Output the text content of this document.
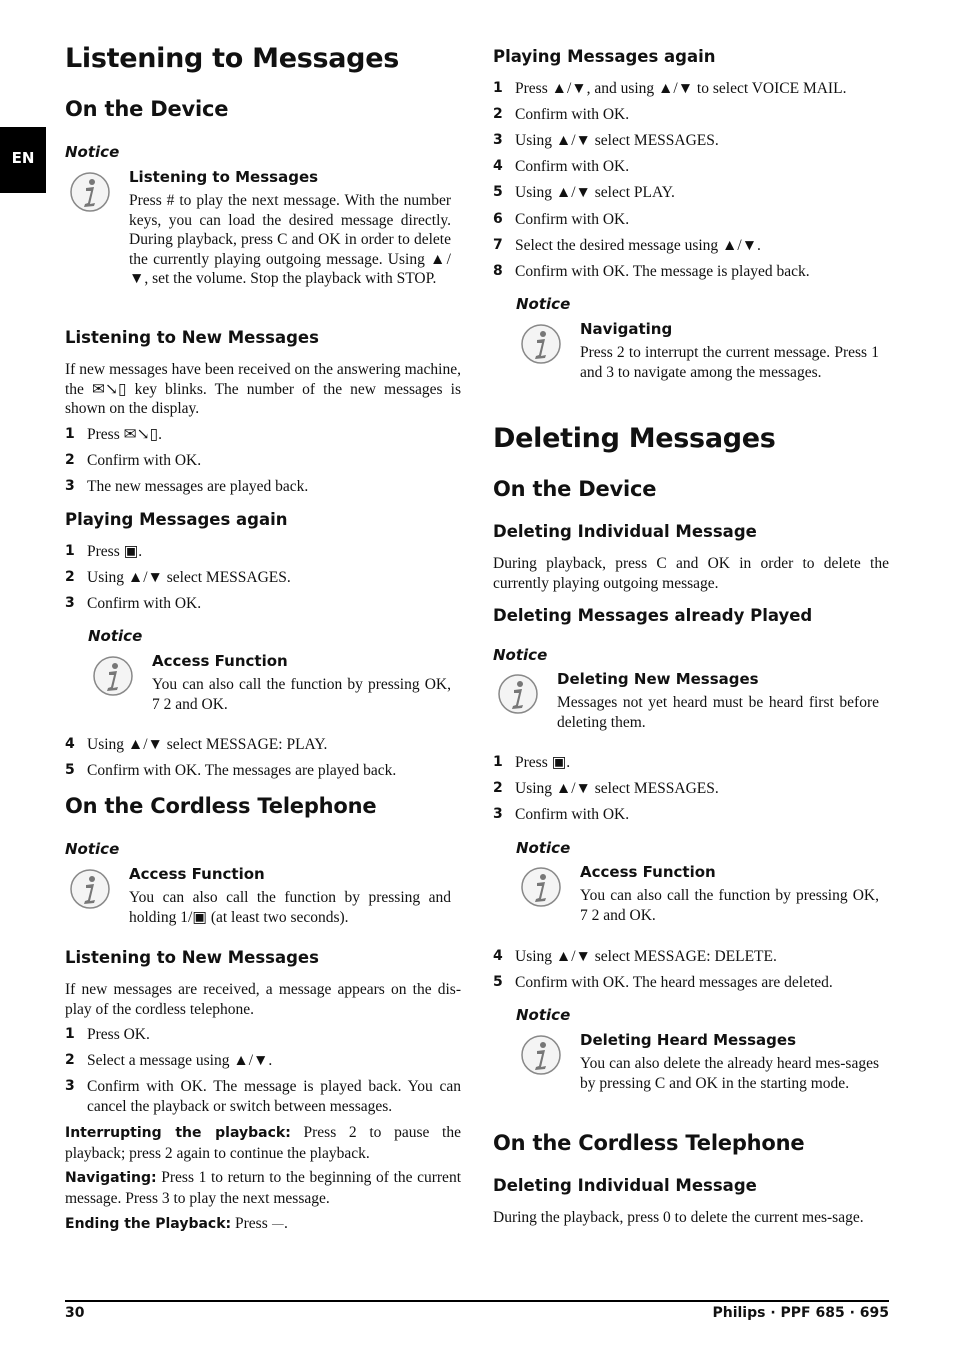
EN
Listening to Messages
On the Device
Notice
Listening to Messages

Press # to play the next message. With the number keys, you can load the desired message directly. During playback, press C and OK in order to delete the currently playing outgoing message. Using ▲/▼, set the volume. Stop the playback with STOP.

Listening to New Messages

If new messages have been received on the answering machine, the ✉↘▯ key blinks. The number of the new messages is shown on the display.

1 Press ✉↘▯.
2 Confirm with OK.
3 The new messages are played back.
Playing Messages again
1 Press ▣.
2 Using ▲/▼ select MESSAGES.
3 Confirm with OK.
Notice
Access Function

You can also call the function by pressing OK, 7 2 and OK.

4 Using ▲/▼ select MESSAGE: PLAY.
5 Confirm with OK. The messages are played back.
On the Cordless Telephone
Notice
Access Function

You can also call the function by pressing and holding 1/▣ (at least two seconds).

Listening to New Messages

If new messages are received, a message appears on the dis-play of the cordless telephone.

1 Press OK.
2 Select a message using ▲/▼.
3 Confirm with OK. The message is played back. You can cancel the playback or switch between messages.

Interrupting the playback: Press 2 to pause the playback; press 2 again to continue the playback.

Navigating: Press 1 to return to the beginning of the current message. Press 3 to play the next message.

Ending the Playback: Press ⏤.

Playing Messages again
1 Press ▲/▼, and using ▲/▼ to select VOICE MAIL.
2 Confirm with OK.
3 Using ▲/▼ select MESSAGES.
4 Confirm with OK.
5 Using ▲/▼ select PLAY.
6 Confirm with OK.
7 Select the desired message using ▲/▼.
8 Confirm with OK. The message is played back.
Notice
Navigating

Press 2 to interrupt the current message. Press 1 and 3 to navigate among the messages.

Deleting Messages
On the Device
Deleting Individual Message

During playback, press C and OK in order to delete the currently playing outgoing message.

Deleting Messages already Played
Notice
Deleting New Messages

Messages not yet heard must be heard first before deleting them.

1 Press ▣.
2 Using ▲/▼ select MESSAGES.
3 Confirm with OK.
Notice
Access Function

You can also call the function by pressing OK, 7 2 and OK.

4 Using ▲/▼ select MESSAGE: DELETE.
5 Confirm with OK. The heard messages are deleted.
Notice
Deleting Heard Messages

You can also delete the already heard mes-sages by pressing C and OK in the starting mode.

On the Cordless Telephone
Deleting Individual Message

During the playback, press 0 to delete the current mes-sage.

30	Philips · PPF 685 · 695
